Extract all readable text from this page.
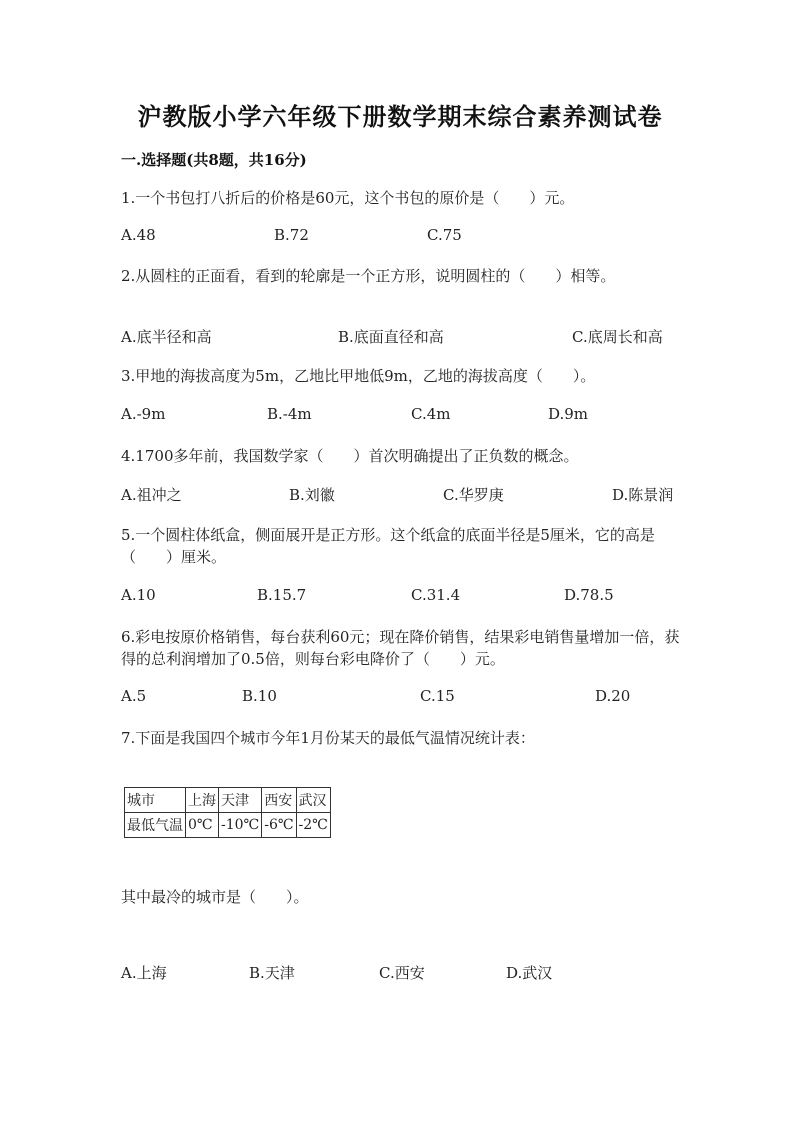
沪教版小学六年级下册数学期末综合素养测试卷
一.选择题(共8题，共16分)
1.一个书包打八折后的价格是60元，这个书包的原价是（　　）元。
A.48	B.72	C.75
2.从圆柱的正面看，看到的轮廓是一个正方形，说明圆柱的（　　）相等。
A.底半径和高	B.底面直径和高	C.底周长和高
3.甲地的海拔高度为5m，乙地比甲地低9m，乙地的海拔高度（　　）。
A.-9m	B.-4m	C.4m	D.9m
4.1700多年前，我国数学家（　　）首次明确提出了正负数的概念。
A.祖冲之	B.刘徽	C.华罗庚	D.陈景润
5.一个圆柱体纸盒，侧面展开是正方形。这个纸盒的底面半径是5厘米，它的高是（　　）厘米。
A.10	B.15.7	C.31.4	D.78.5
6.彩电按原价格销售，每台获利60元；现在降价销售，结果彩电销售量增加一倍，获得的总利润增加了0.5倍，则每台彩电降价了（　　）元。
A.5	B.10	C.15	D.20
7.下面是我国四个城市今年1月份某天的最低气温情况统计表：
城市	上海	天津	西安	武汉
最低气温	0℃	-10℃	-6℃	-2℃
其中最冷的城市是（　　）。
A.上海	B.天津	C.西安	D.武汉
